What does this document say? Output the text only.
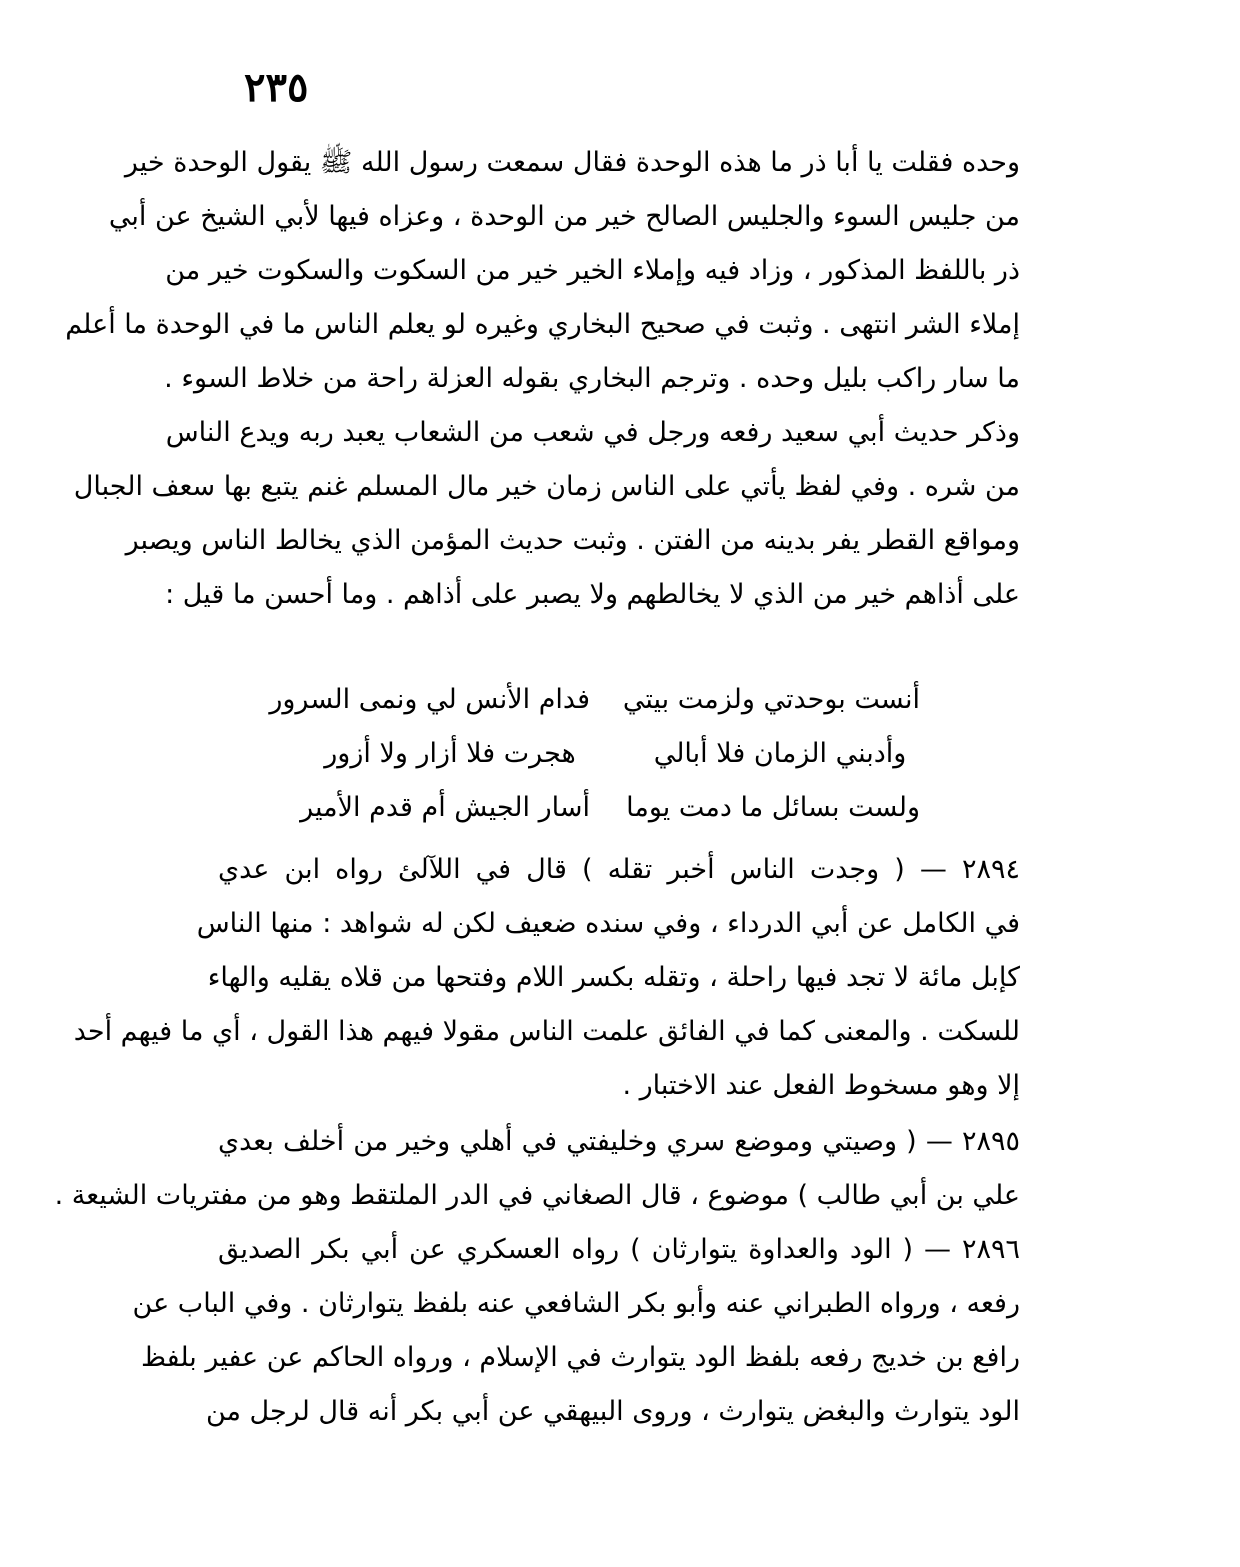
٢٣٥
وحده فقلت يا أبا ذر ما هذه الوحدة فقال سمعت رسول الله ﷺ يقول الوحدة خير
من جليس السوء والجليس الصالح خير من الوحدة ، وعزاه فيها لأبي الشيخ عن أبي
ذر باللفظ المذكور ، وزاد فيه وإملاء الخير خير من السكوت والسكوت خير من
إملاء الشر انتهى . وثبت في صحيح البخاري وغيره لو يعلم الناس ما في الوحدة ما أعلم
ما سار راكب بليل وحده . وترجم البخاري بقوله العزلة راحة من خلاط السوء .
وذكر حديث أبي سعيد رفعه ورجل في شعب من الشعاب يعبد ربه ويدع الناس
من شره . وفي لفظ يأتي على الناس زمان خير مال المسلم غنم يتبع بها سعف الجبال
ومواقع القطر يفر بدينه من الفتن . وثبت حديث المؤمن الذي يخالط الناس ويصبر
على أذاهم خير من الذي لا يخالطهم ولا يصبر على أذاهم . وما أحسن ما قيل :
أنست بوحدتي ولزمت بيتي
فدام الأنس لي ونمى السرور
وأدبني الزمان فلا أبالي
هجرت فلا أزار ولا أزور
ولست بسائل ما دمت يوما
أسار الجيش أم قدم الأمير
٢٨٩٤ — ( وجدت الناس أخبر تقله ) قال في اللآلئ رواه ابن عدي
في الكامل عن أبي الدرداء ، وفي سنده ضعيف لكن له شواهد : منها الناس
كإبل مائة لا تجد فيها راحلة ، وتقله بكسر اللام وفتحها من قلاه يقليه والهاء
للسكت . والمعنى كما في الفائق علمت الناس مقولا فيهم هذا القول ، أي ما فيهم أحد
إلا وهو مسخوط الفعل عند الاختبار .
٢٨٩٥ — ( وصيتي وموضع سري وخليفتي في أهلي وخير من أخلف بعدي
علي بن أبي طالب ) موضوع ، قال الصغاني في الدر الملتقط وهو من مفتريات الشيعة .
٢٨٩٦ — ( الود والعداوة يتوارثان ) رواه العسكري عن أبي بكر الصديق
رفعه ، ورواه الطبراني عنه وأبو بكر الشافعي عنه بلفظ يتوارثان . وفي الباب عن
رافع بن خديج رفعه بلفظ الود يتوارث في الإسلام ، ورواه الحاكم عن عفير بلفظ
الود يتوارث والبغض يتوارث ، وروى البيهقي عن أبي بكر أنه قال لرجل من
